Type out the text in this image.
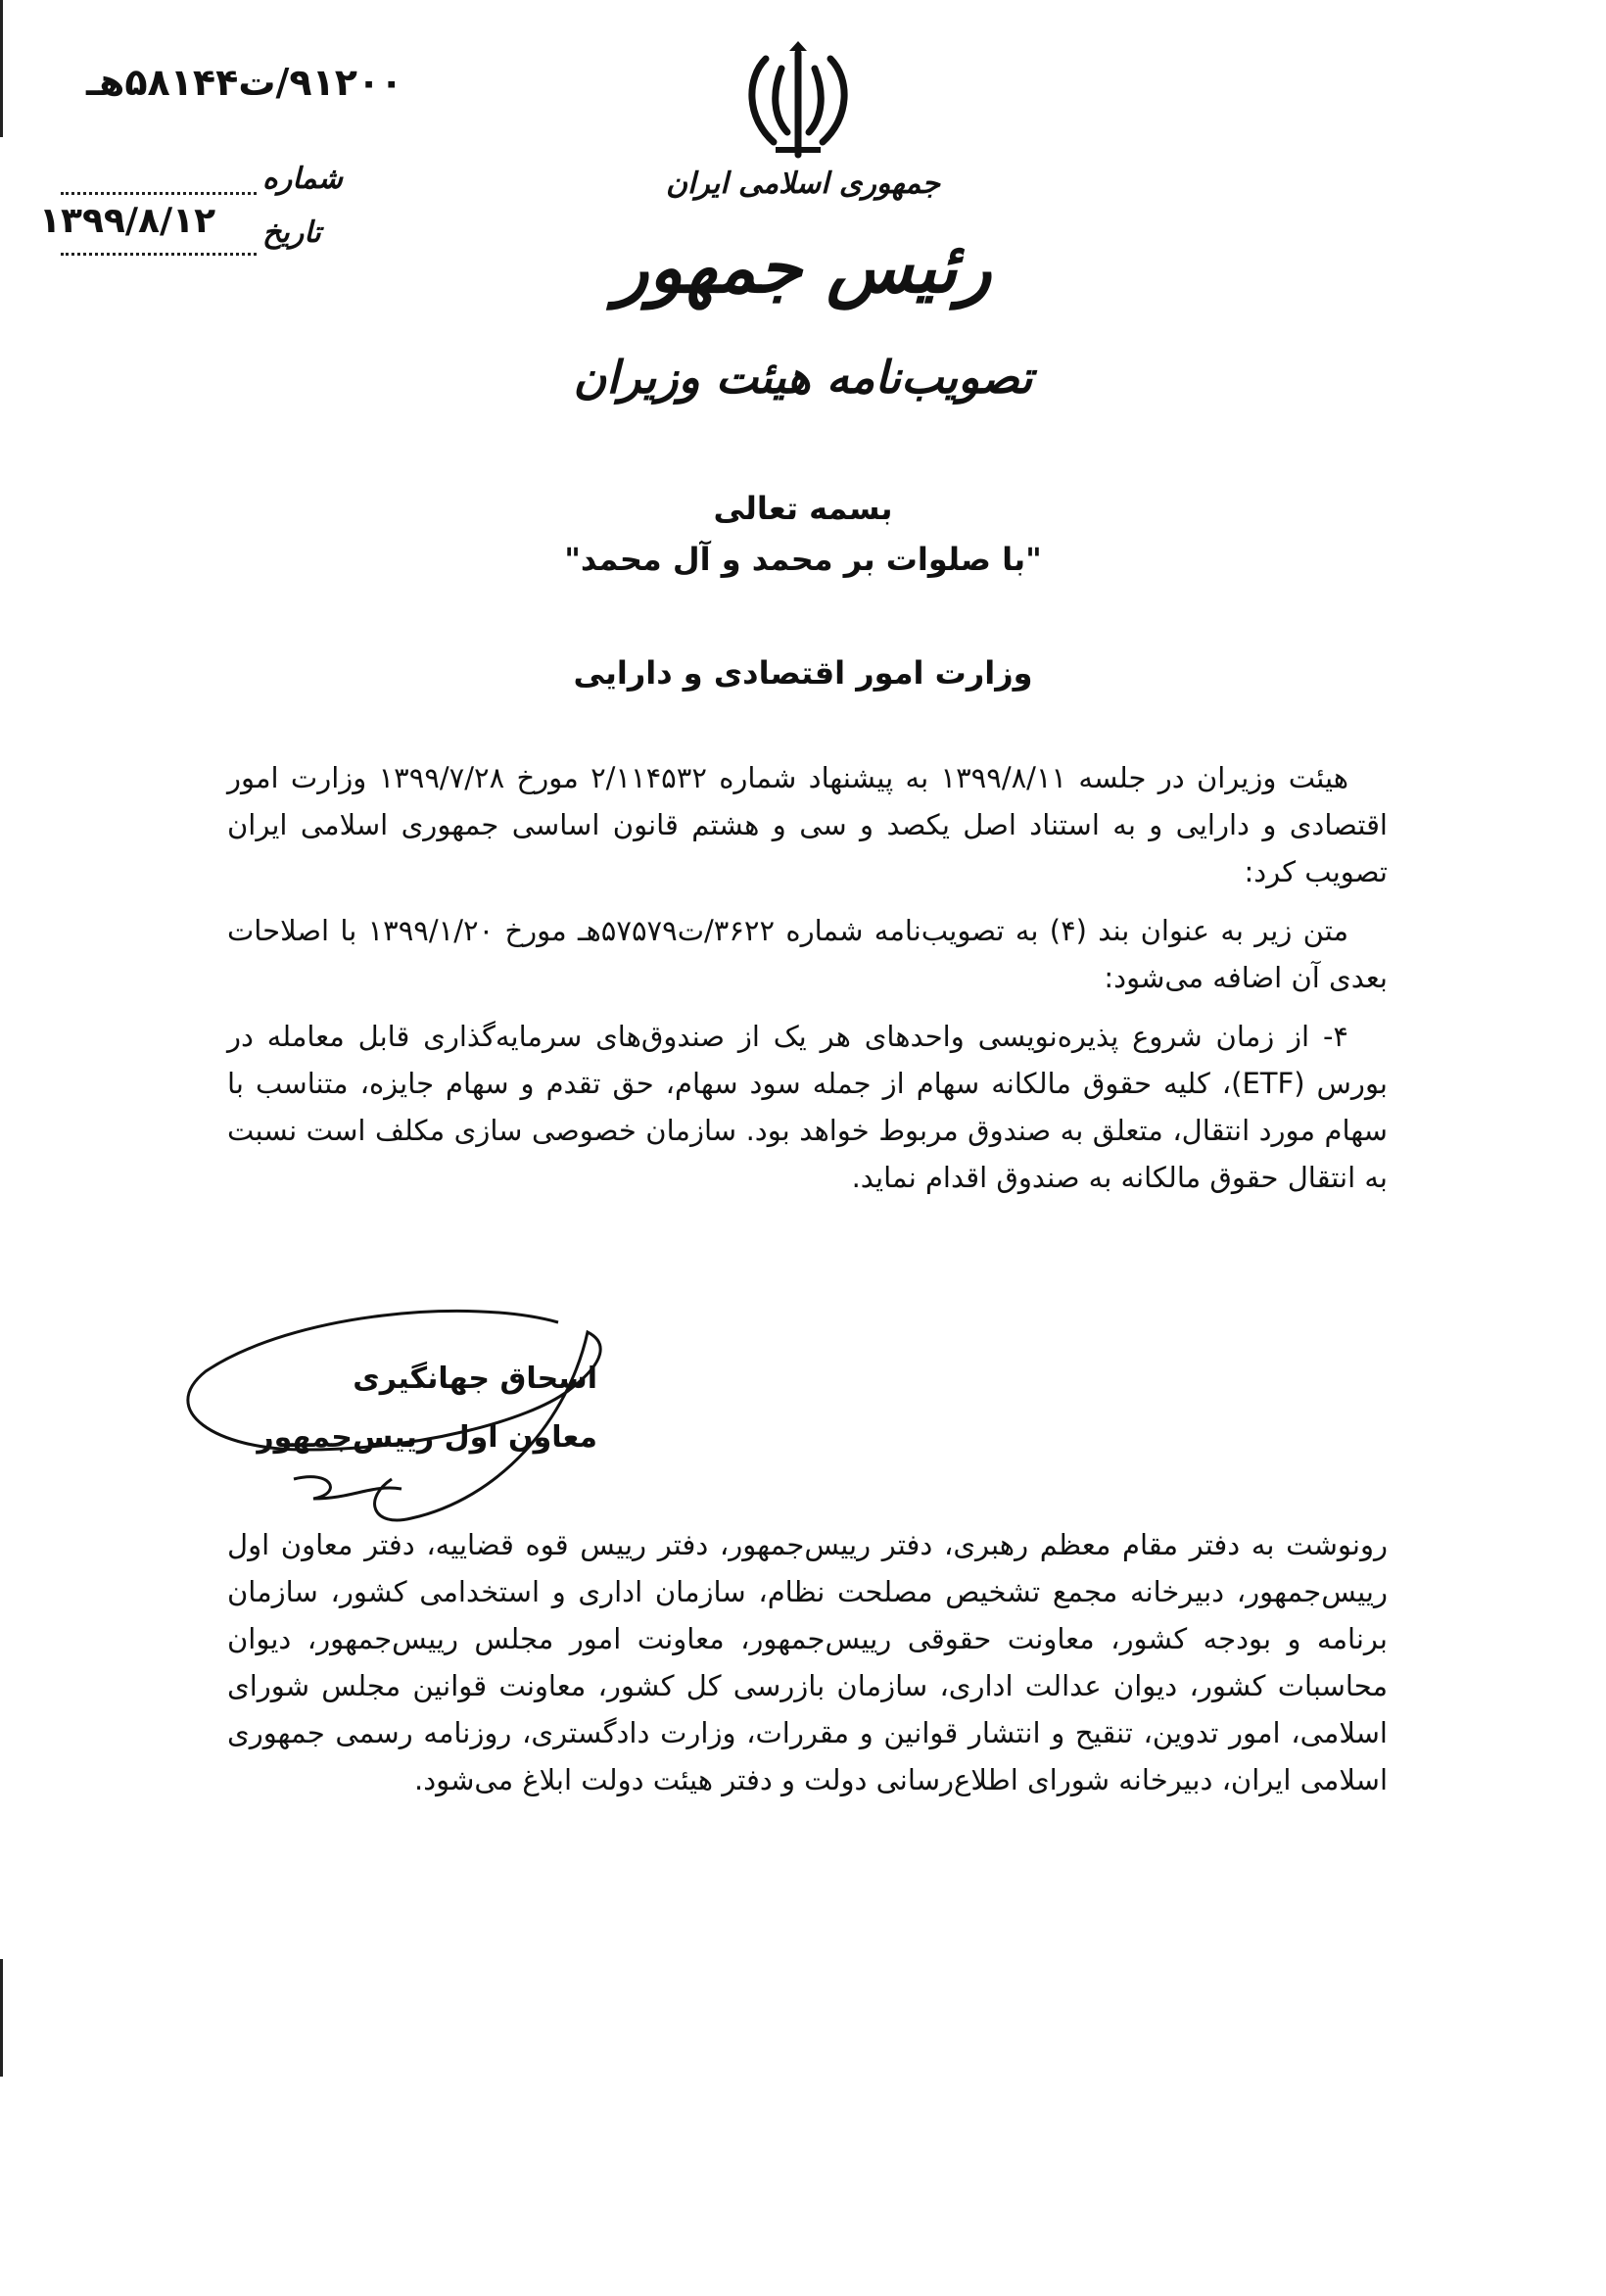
۹۱۲۰۰/ت۵۸۱۴۴هـ
شماره
تاریخ
۱۳۹۹/۸/۱۲
جمهوری اسلامی ایران
رئیس جمهور
تصویب‌نامه هیئت وزیران
بسمه تعالی
"با صلوات بر محمد و آل محمد"
وزارت امور اقتصادی و دارایی

هیئت وزیران در جلسه ۱۳۹۹/۸/۱۱ به پیشنهاد شماره ۲/۱۱۴۵۳۲ مورخ ۱۳۹۹/۷/۲۸ وزارت امور اقتصادی و دارایی و به استناد اصل یکصد و سی و هشتم قانون اساسی جمهوری اسلامی ایران تصویب کرد:

متن زیر به عنوان بند (۴) به تصویب‌نامه شماره ۳۶۲۲/ت۵۷۵۷۹هـ مورخ ۱۳۹۹/۱/۲۰ با اصلاحات بعدی آن اضافه می‌شود:

۴- از زمان شروع پذیره‌نویسی واحدهای هر یک از صندوق‌های سرمایه‌گذاری قابل معامله در بورس (ETF)، کلیه حقوق مالکانه سهام از جمله سود سهام، حق تقدم و سهام جایزه، متناسب با سهام مورد انتقال، متعلق به صندوق مربوط خواهد بود. سازمان خصوصی سازی مکلف است نسبت به انتقال حقوق مالکانه به صندوق اقدام نماید.

اسحاق جهانگیری
معاون اول رییس‌جمهور
رونوشت به دفتر مقام معظم رهبری، دفتر رییس‌جمهور، دفتر رییس قوه قضاییه، دفتر معاون اول رییس‌جمهور، دبیرخانه مجمع تشخیص مصلحت نظام، سازمان اداری و استخدامی کشور، سازمان برنامه و بودجه کشور، معاونت حقوقی رییس‌جمهور، معاونت امور مجلس رییس‌جمهور، دیوان محاسبات کشور، دیوان عدالت اداری، سازمان بازرسی کل کشور، معاونت قوانین مجلس شورای اسلامی، امور تدوین، تنقیح و انتشار قوانین و مقررات، وزارت دادگستری، روزنامه رسمی جمهوری اسلامی ایران، دبیرخانه شورای اطلاع‌رسانی دولت و دفتر هیئت دولت ابلاغ می‌شود.
